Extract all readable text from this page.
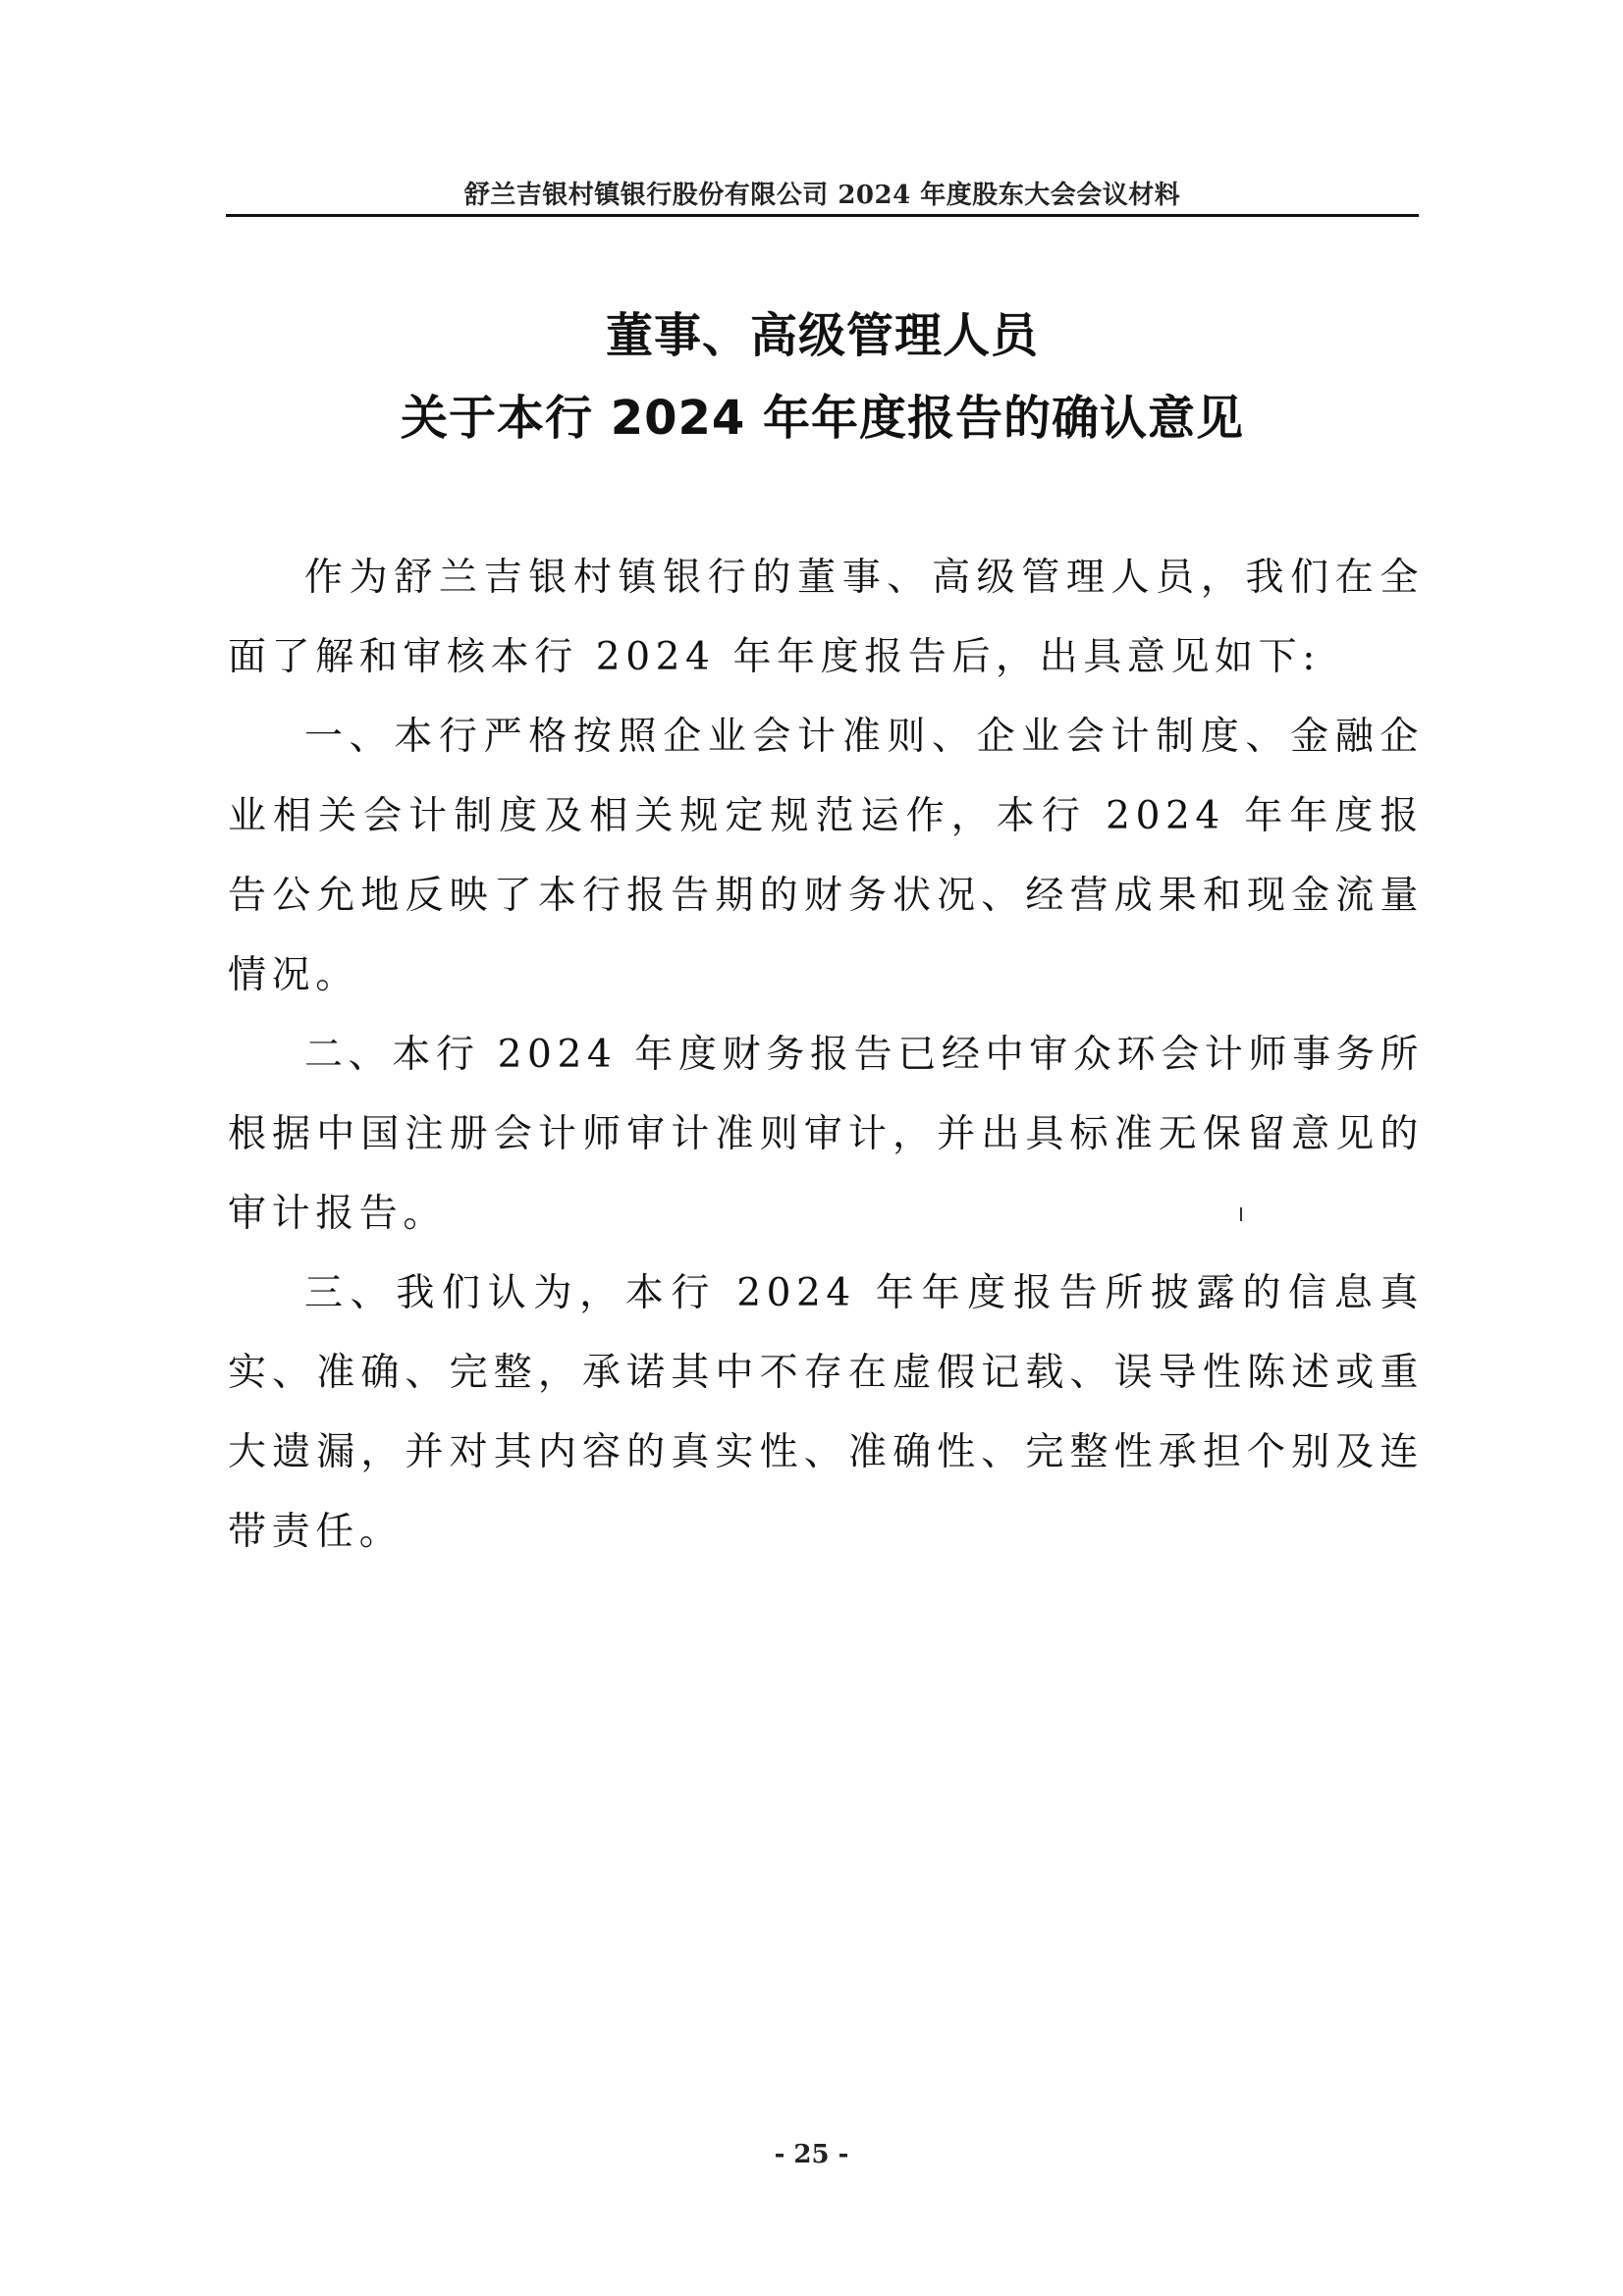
舒兰吉银村镇银行股份有限公司 2024 年度股东大会会议材料
董事、高级管理人员
关于本行 2024 年年度报告的确认意见

作为舒兰吉银村镇银行的董事、高级管理人员，我们在全面了解和审核本行 2024 年年度报告后，出具意见如下:

一、本行严格按照企业会计准则、企业会计制度、金融企业相关会计制度及相关规定规范运作，本行 2024 年年度报告公允地反映了本行报告期的财务状况、经营成果和现金流量情况。

二、本行 2024 年度财务报告已经中审众环会计师事务所根据中国注册会计师审计准则审计，并出具标准无保留意见的审计报告。

三、我们认为，本行 2024 年年度报告所披露的信息真实、准确、完整，承诺其中不存在虚假记载、误导性陈述或重大遗漏，并对其内容的真实性、准确性、完整性承担个别及连带责任。

- 25 -
